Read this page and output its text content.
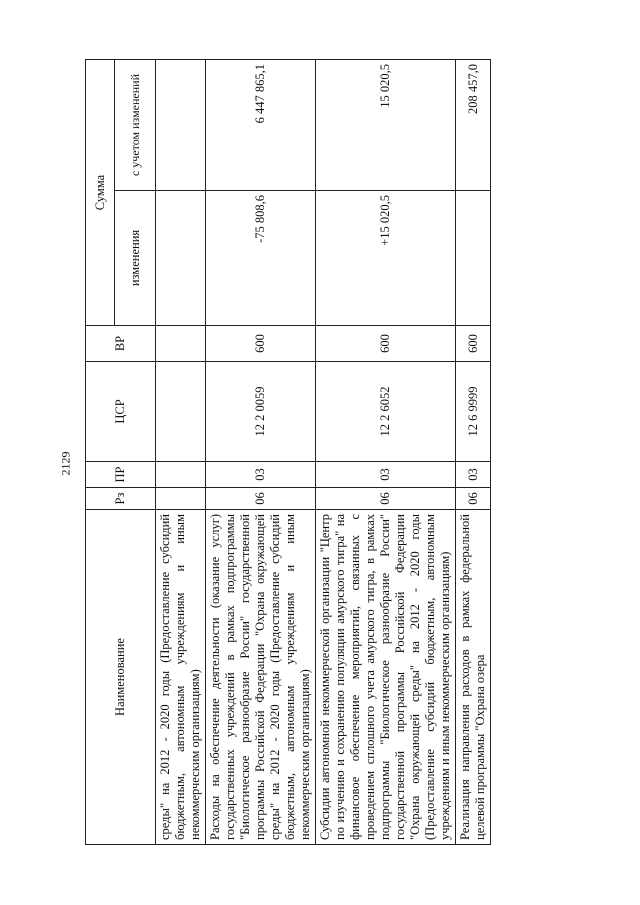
2129
Наименование	Рз	ПР	ЦСР	ВР	Сумма	
					изменения	с учетом изменений
среды" на 2012 - 2020 годы (Предоставление субсидий бюджетным, автономным учреждениям и иным некоммерческим организациям)						
Расходы на обеспечение деятельности (оказание услуг) государственных учреждений в рамках подпрограммы "Биологическое разнообразие России" государственной программы Российской Федерации "Охрана окружающей среды" на 2012 - 2020 годы (Предоставление субсидий бюджетным, автономным учреждениям и иным некоммерческим организациям)	06	03	12 2 0059	600	-75 808,6	6 447 865,1
Субсидии автономной некоммерческой организации "Центр по изучению и сохранению популяции амурского тигра" на финансовое обеспечение мероприятий, связанных с проведением сплошного учета амурского тигра, в рамках подпрограммы "Биологическое разнообразие России" государственной программы Российской Федерации "Охрана окружающей среды" на 2012 - 2020 годы (Предоставление субсидий бюджетным, автономным учреждениям и иным некоммерческим организациям)	06	03	12 2 6052	600	+15 020,5	15 020,5
Реализация направления расходов в рамках федеральной целевой программы "Охрана озера	06	03	12 6 9999	600		208 457,0
